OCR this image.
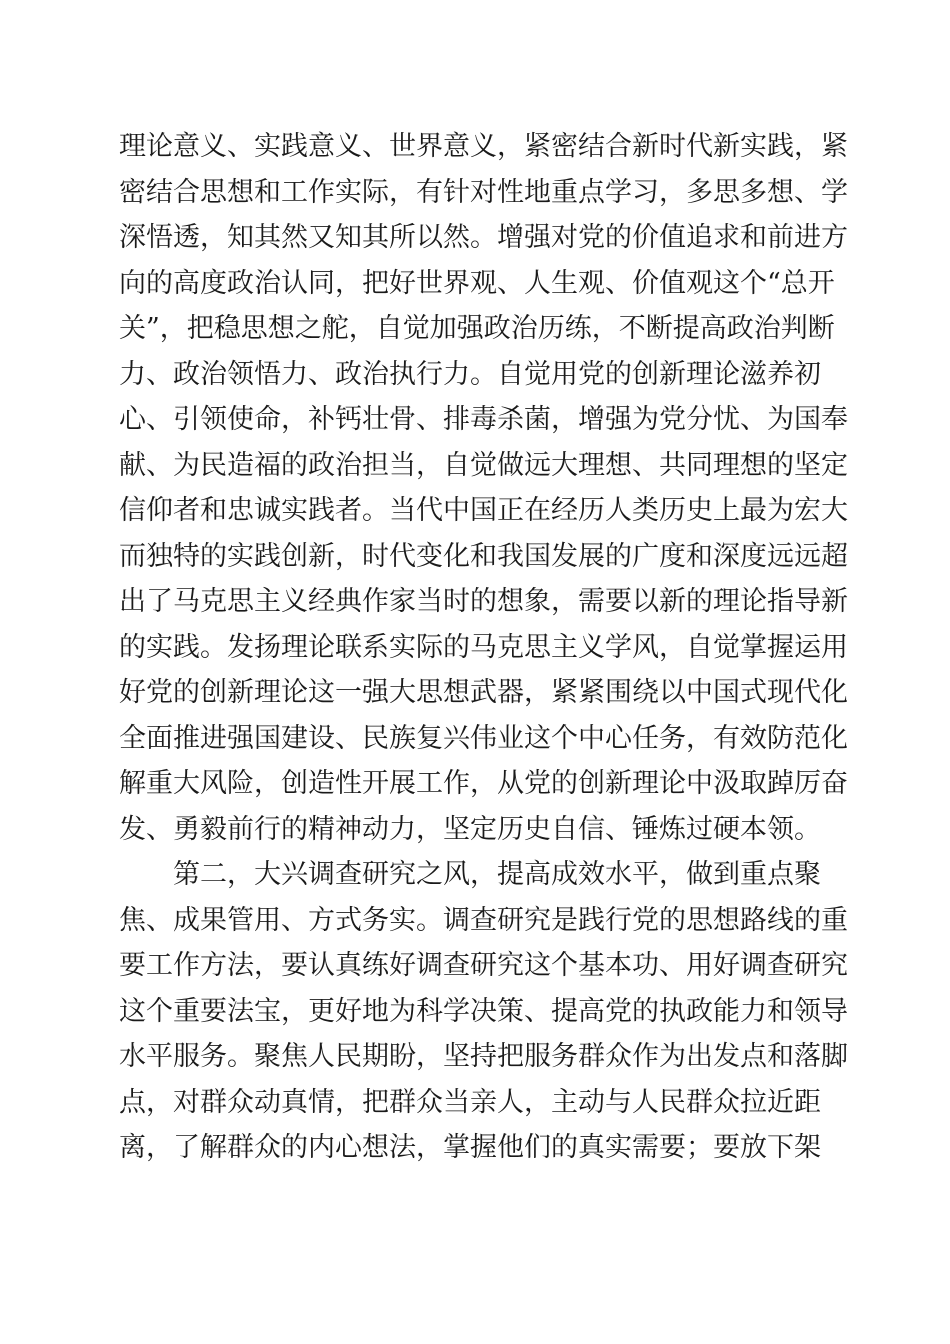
理论意义、实践意义、世界意义，紧密结合新时代新实践，紧
密结合思想和工作实际，有针对性地重点学习，多思多想、学
深悟透，知其然又知其所以然。增强对党的价值追求和前进方
向的高度政治认同，把好世界观、人生观、价值观这个“总开
关”，把稳思想之舵，自觉加强政治历练，不断提高政治判断
力、政治领悟力、政治执行力。自觉用党的创新理论滋养初
心、引领使命，补钙壮骨、排毒杀菌，增强为党分忧、为国奉
献、为民造福的政治担当，自觉做远大理想、共同理想的坚定
信仰者和忠诚实践者。当代中国正在经历人类历史上最为宏大
而独特的实践创新，时代变化和我国发展的广度和深度远远超
出了马克思主义经典作家当时的想象，需要以新的理论指导新
的实践。发扬理论联系实际的马克思主义学风，自觉掌握运用
好党的创新理论这一强大思想武器，紧紧围绕以中国式现代化
全面推进强国建设、民族复兴伟业这个中心任务，有效防范化
解重大风险，创造性开展工作，从党的创新理论中汲取踔厉奋
发、勇毅前行的精神动力，坚定历史自信、锤炼过硬本领。
第二，大兴调查研究之风，提高成效水平，做到重点聚
焦、成果管用、方式务实。调查研究是践行党的思想路线的重
要工作方法，要认真练好调查研究这个基本功、用好调查研究
这个重要法宝，更好地为科学决策、提高党的执政能力和领导
水平服务。聚焦人民期盼，坚持把服务群众作为出发点和落脚
点，对群众动真情，把群众当亲人，主动与人民群众拉近距
离，了解群众的内心想法，掌握他们的真实需要；要放下架
